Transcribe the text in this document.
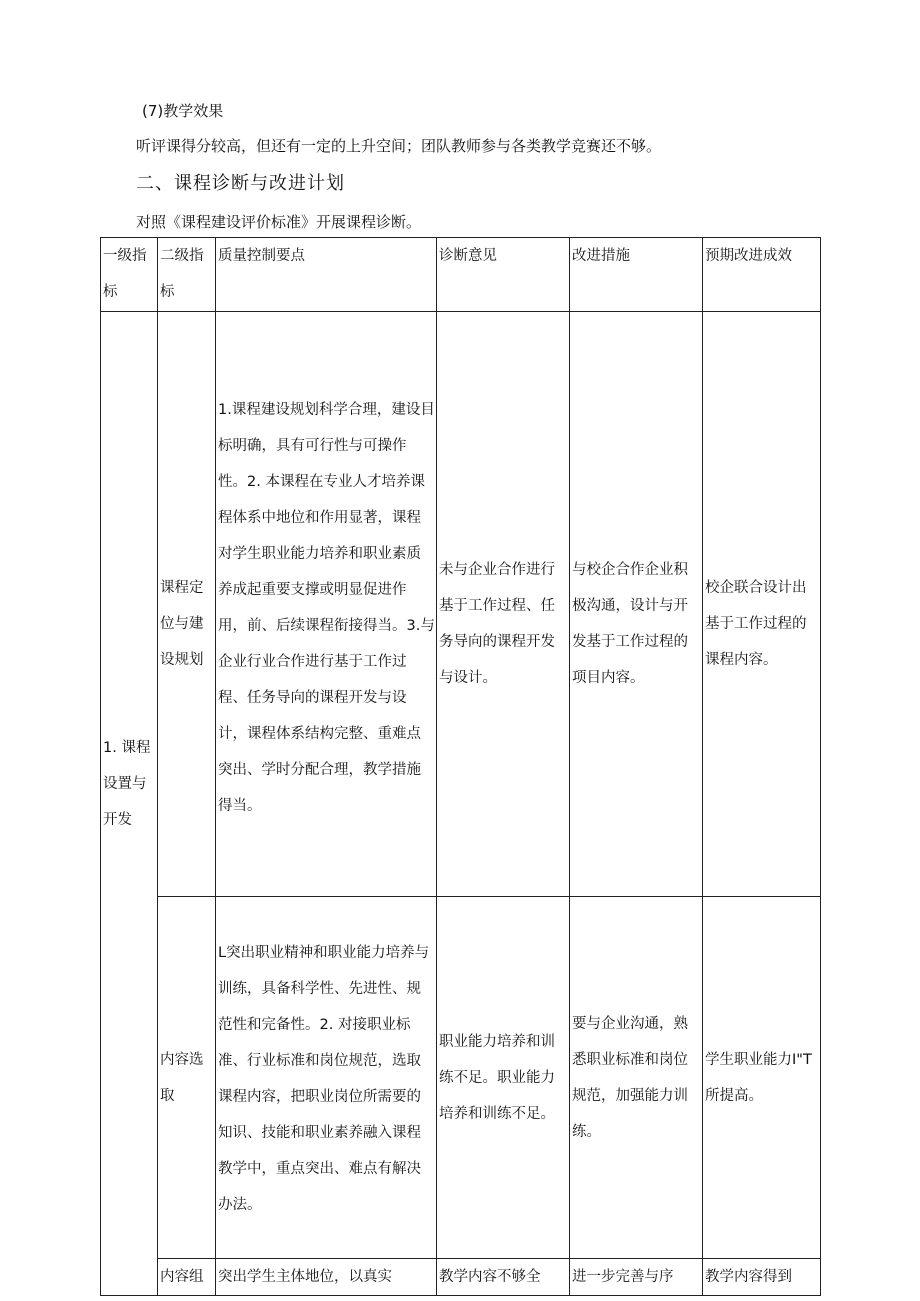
(7)教学效果
听评课得分较高，但还有一定的上升空间；团队教师参与各类教学竞赛还不够。
二、课程诊断与改进计划
对照《课程建设评价标准》开展课程诊断。
一级指标	二级指标	质量控制要点	诊断意见	改进措施	预期改进成效
1. 课程设置与开发	课程定位与建设规划	1.课程建设规划科学合理，建设目标明确，具有可行性与可操作性。2. 本课程在专业人才培养课程体系中地位和作用显著，课程对学生职业能力培养和职业素质养成起重要支撑或明显促进作用，前、后续课程衔接得当。3.与企业行业合作进行基于工作过程、任务导向的课程开发与设计，课程体系结构完整、重难点突出、学时分配合理，教学措施得当。	未与企业合作进行基于工作过程、任务导向的课程开发与设计。	与校企合作企业积极沟通，设计与开发基于工作过程的项目内容。	校企联合设计出基于工作过程的课程内容。
	内容选取	L突出职业精神和职业能力培养与训练，具备科学性、先进性、规范性和完备性。2. 对接职业标准、行业标准和岗位规范，选取课程内容，把职业岗位所需要的知识、技能和职业素养融入课程教学中，重点突出、难点有解决办法。	职业能力培养和训练不足。职业能力培养和训练不足。	要与企业沟通，熟悉职业标准和岗位规范，加强能力训练。	学生职业能力I"T所提高。
	内容组	突出学生主体地位，以真实	教学内容不够全	进一步完善与序	教学内容得到
